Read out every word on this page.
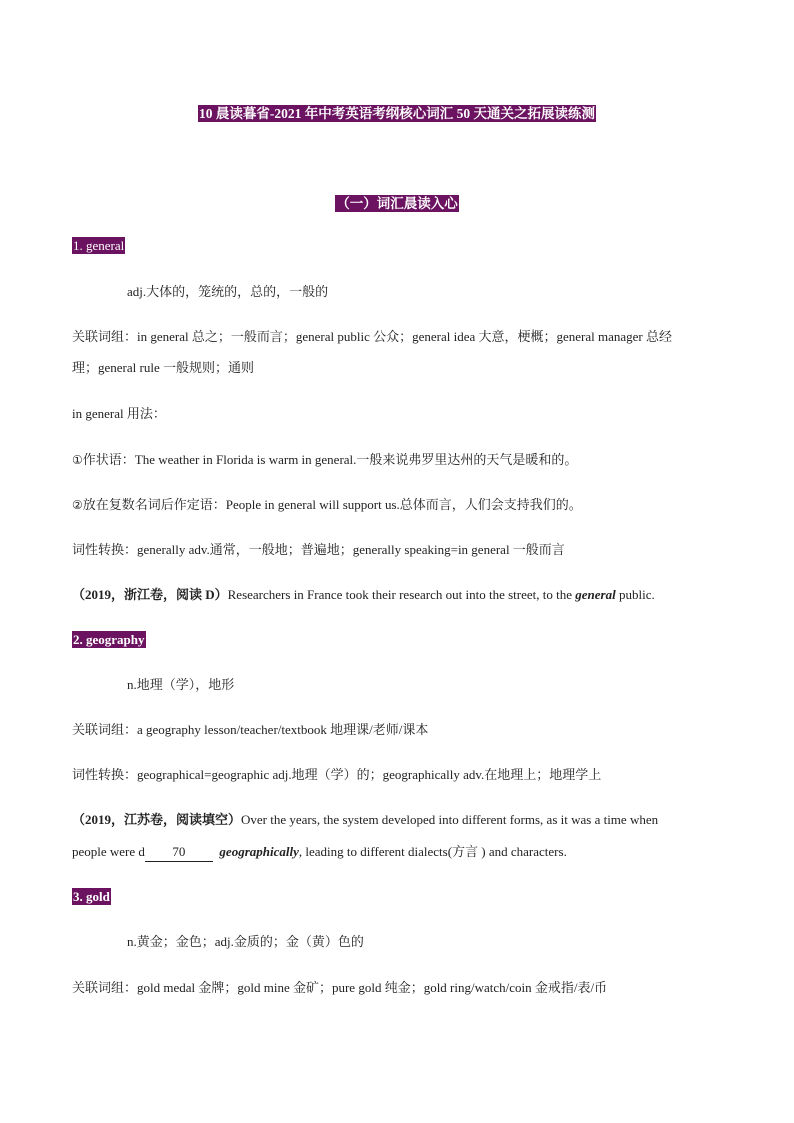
10 晨读暮省-2021 年中考英语考纲核心词汇 50 天通关之拓展读练测
（一）词汇晨读入心
1. general
adj.大体的，笼统的，总的，一般的
关联词组：in general 总之；一般而言；general public 公众；general idea 大意，梗概；general manager 总经
理；general rule 一般规则；通则
in general 用法：
①作状语：The weather in Florida is warm in general.一般来说弗罗里达州的天气是暖和的。
②放在复数名词后作定语：People in general will support us.总体而言，人们会支持我们的。
词性转换：generally adv.通常，一般地；普遍地；generally speaking=in general 一般而言
（2019，浙江卷，阅读 D）Researchers in France took their research out into the street, to the general public.
2. geography
n.地理（学），地形
关联词组：a geography lesson/teacher/textbook 地理课/老师/课本
词性转换：geographical=geographic adj.地理（学）的；geographically adv.在地理上；地理学上
（2019，江苏卷，阅读填空）Over the years, the system developed into different forms, as it was a time when
people were d 70	geographically, leading to different dialects(方言 ) and characters.
3. gold
n.黄金；金色；adj.金质的；金（黄）色的
关联词组：gold medal 金牌；gold mine 金矿；pure gold 纯金；gold ring/watch/coin 金戒指/表/币
